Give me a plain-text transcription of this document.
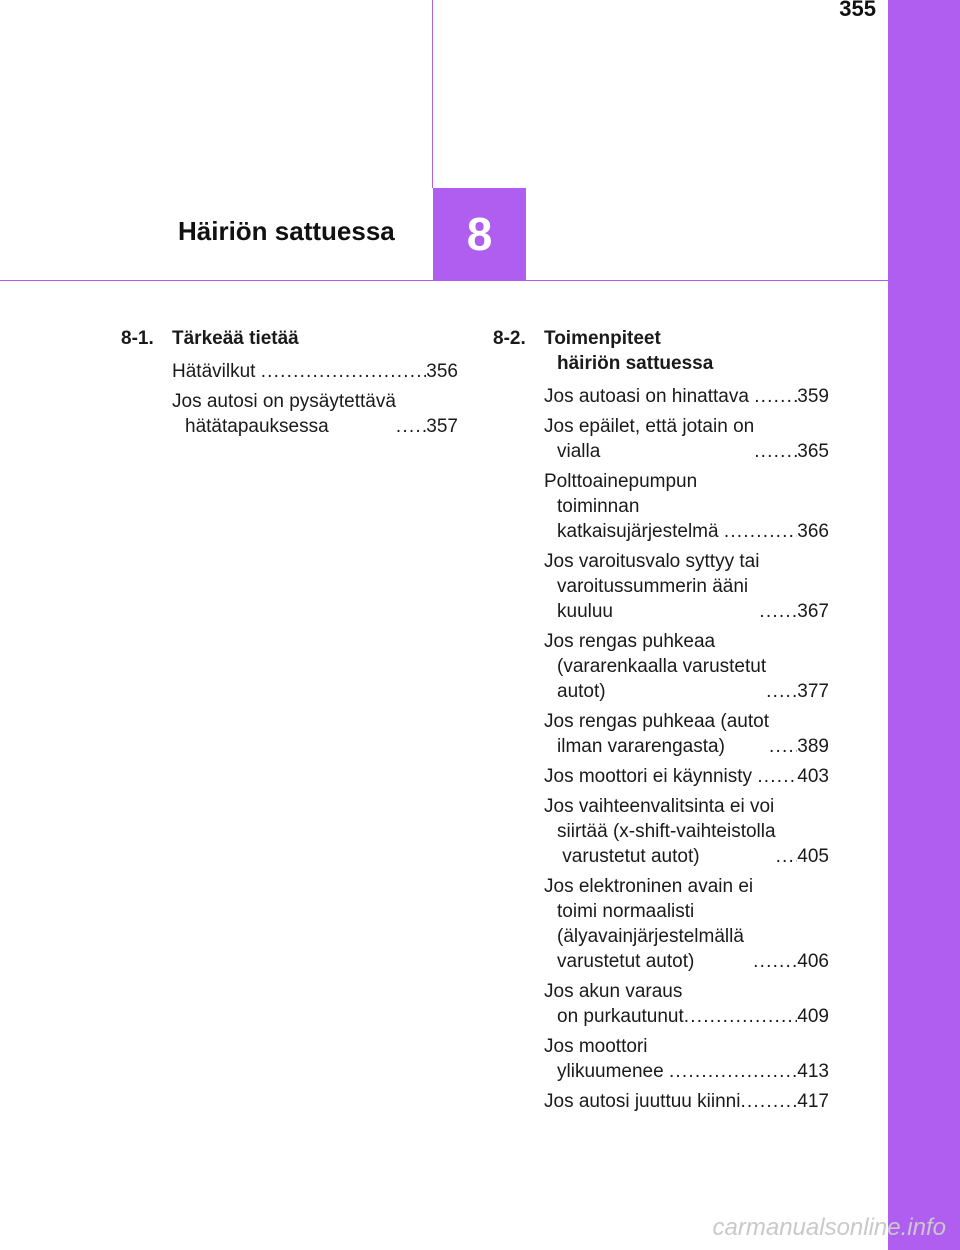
355
Häiriön sattuessa 8
8-1. Tärkeää tietää
Hätävilkut .....	356
Jos autosi on pysäytettävä
hätätapauksessa .....	357
8-2. Toimenpiteet
häiriön sattuessa
Jos autoasi on hinattava ..... 359
Jos epäilet, että jotain on
vialla .....	365
Polttoainepumpun
toiminnan
katkaisujärjestelmä .....	366
Jos varoitusvalo syttyy tai
varoitussummerin ääni
kuuluu .....	367
Jos rengas puhkeaa
(vararenkaalla varustetut
autot) .....	377
Jos rengas puhkeaa (autot
ilman vararengasta) .....	389
Jos moottori ei käynnisty ..... 403
Jos vaihteenvalitsinta ei voi
siirtää (x-shift-vaihteistolla
varustetut autot) .....	405
Jos elektroninen avain ei
toimi normaalisti
(älyavainjärjestelmällä
varustetut autot) .....	406
Jos akun varaus
on purkautunut .....	409
Jos moottori
ylikuumenee .....	413
Jos autosi juuttuu kiinni .....	417
carmanualsonline.info
